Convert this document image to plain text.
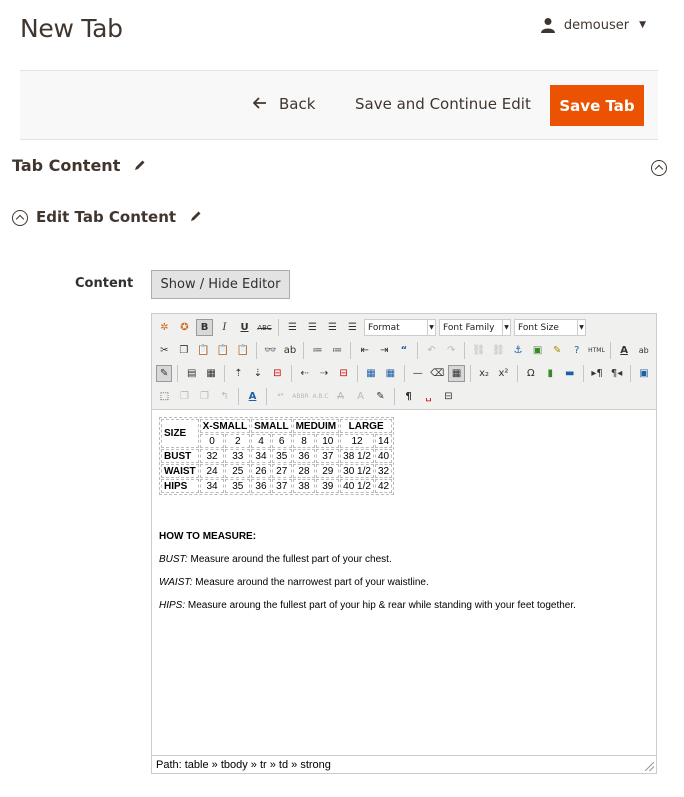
New Tab	demouser ▼
Back	Save and Continue Edit	Save Tab
Tab Content
Edit Tab Content
Content	Show / Hide Editor
✲	✪	B	I	U	ABC	☰	☰	☰	☰	Format	▼ Font Family	▼ Font Size	▼
✂	❐ 📋 📋 📋 👓 ab	≔ ≔	⇤	⇥	“	↶	↷	⛓ ⛓ ⚓	▣	✎	?	HTML	A	ab
✎	▤ ▦	⇡	⇣	⊟	⇠	⇢	⊟	▦ ▦	— ⌫ ▦	x₂ x²	Ω	▮	▬	▸¶ ¶◂	▣
⬚	❐	❐	↰	A	❝❞	ABBR A.B.C A	A	✎	¶	␣	⊟
SIZE	X-SMALL		SMALL		MEDUIM		LARGE	
	0	2	4	6	8	10	12	14
BUST	32	33	34	35	36	37	38 1/2	40
WAIST	24	25	26	27	28	29	30 1/2	32
HIPS	34	35	36	37	38	39	40 1/2	42
HOW TO MEASURE:
BUST: Measure around the fullest part of your chest.
WAIST: Measure around the narrowest part of your waistline.
HIPS: Measure aroung the fullest part of your hip & rear while standing with your feet together.
Path: table » tbody » tr » td » strong
